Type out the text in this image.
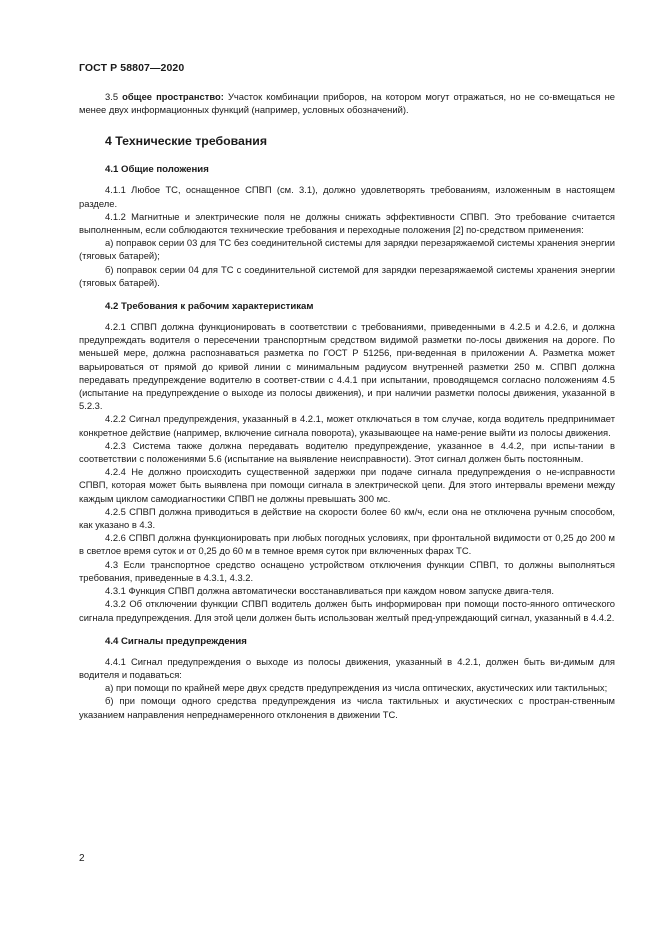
ГОСТ Р 58807—2020

3.5 общее пространство: Участок комбинации приборов, на котором могут отражаться, но не со-вмещаться не менее двух информационных функций (например, условных обозначений).

4 Технические требования
4.1 Общие положения

4.1.1 Любое ТС, оснащенное СПВП (см. 3.1), должно удовлетворять требованиям, изложенным в настоящем разделе.

4.1.2 Магнитные и электрические поля не должны снижать эффективности СПВП. Это требование считается выполненным, если соблюдаются технические требования и переходные положения [2] по-средством применения:

а) поправок серии 03 для ТС без соединительной системы для зарядки перезаряжаемой системы хранения энергии (тяговых батарей);

б) поправок серии 04 для ТС с соединительной системой для зарядки перезаряжаемой системы хранения энергии (тяговых батарей).

4.2 Требования к рабочим характеристикам

4.2.1 СПВП должна функционировать в соответствии с требованиями, приведенными в 4.2.5 и 4.2.6, и должна предупреждать водителя о пересечении транспортным средством видимой разметки по-лосы движения на дороге. По меньшей мере, должна распознаваться разметка по ГОСТ Р 51256, при-веденная в приложении А. Разметка может варьироваться от прямой до кривой линии с минимальным радиусом внутренней разметки 250 м. СПВП должна передавать предупреждение водителю в соответ-ствии с 4.4.1 при испытании, проводящемся согласно положениям 4.5 (испытание на предупреждение о выходе из полосы движения), и при наличии разметки полосы движения, указанной в 5.2.3.

4.2.2 Сигнал предупреждения, указанный в 4.2.1, может отключаться в том случае, когда водитель предпринимает конкретное действие (например, включение сигнала поворота), указывающее на наме-рение выйти из полосы движения.

4.2.3 Система также должна передавать водителю предупреждение, указанное в 4.4.2, при испы-тании в соответствии с положениями 5.6 (испытание на выявление неисправности). Этот сигнал должен быть постоянным.

4.2.4 Не должно происходить существенной задержки при подаче сигнала предупреждения о не-исправности СПВП, которая может быть выявлена при помощи сигнала в электрической цепи. Для этого интервалы времени между каждым циклом самодиагностики СПВП не должны превышать 300 мс.

4.2.5 СПВП должна приводиться в действие на скорости более 60 км/ч, если она не отключена ручным способом, как указано в 4.3.

4.2.6 СПВП должна функционировать при любых погодных условиях, при фронтальной видимости от 0,25 до 200 м в светлое время суток и от 0,25 до 60 м в темное время суток при включенных фарах ТС.

4.3 Если транспортное средство оснащено устройством отключения функции СПВП, то должны выполняться требования, приведенные в 4.3.1, 4.3.2.

4.3.1 Функция СПВП должна автоматически восстанавливаться при каждом новом запуске двига-теля.

4.3.2 Об отключении функции СПВП водитель должен быть информирован при помощи посто-янного оптического сигнала предупреждения. Для этой цели должен быть использован желтый пред-упреждающий сигнал, указанный в 4.4.2.

4.4 Сигналы предупреждения

4.4.1 Сигнал предупреждения о выходе из полосы движения, указанный в 4.2.1, должен быть ви-димым для водителя и подаваться:

а) при помощи по крайней мере двух средств предупреждения из числа оптических, акустических или тактильных;

б) при помощи одного средства предупреждения из числа тактильных и акустических с простран-ственным указанием направления непреднамеренного отклонения в движении ТС.

2
